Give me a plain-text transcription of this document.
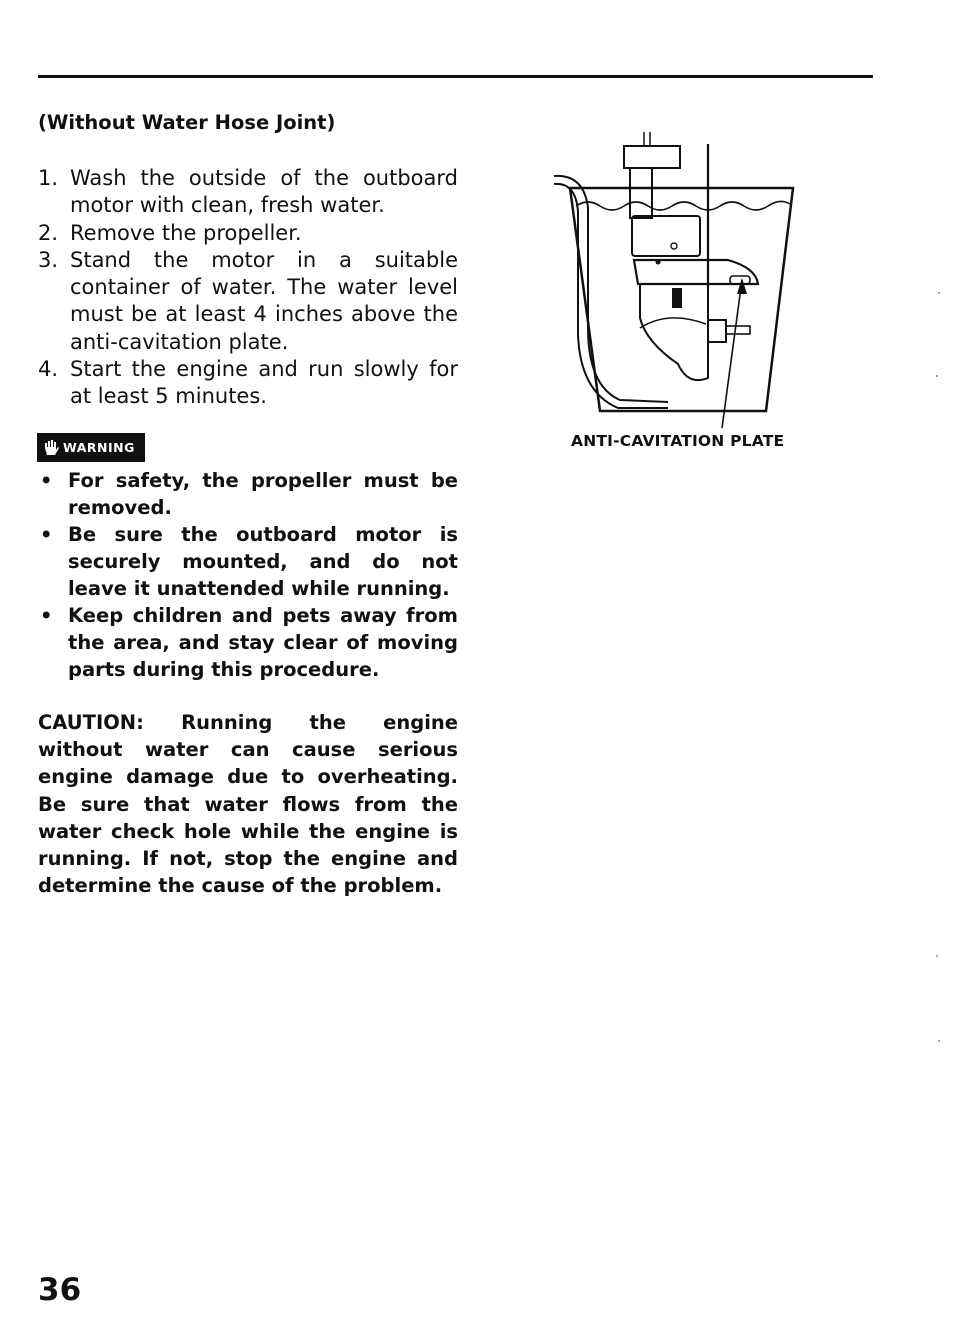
(Without Water Hose Joint)
1. Wash the outside of the outboard motor with clean, fresh water.
2. Remove the propeller.
3. Stand the motor in a suitable container of water. The water level must be at least 4 inches above the anti-cavitation plate.
4. Start the engine and run slowly for at least 5 minutes.
WARNING
• For safety, the propeller must be removed.
• Be sure the outboard motor is securely mounted, and do not leave it unattended while running.
• Keep children and pets away from the area, and stay clear of moving parts during this procedure.

CAUTION: Running the engine without water can cause serious engine damage due to overheating. Be sure that water flows from the water check hole while the engine is running. If not, stop the engine and determine the cause of the problem.

ANTI-CAVITATION PLATE
36
